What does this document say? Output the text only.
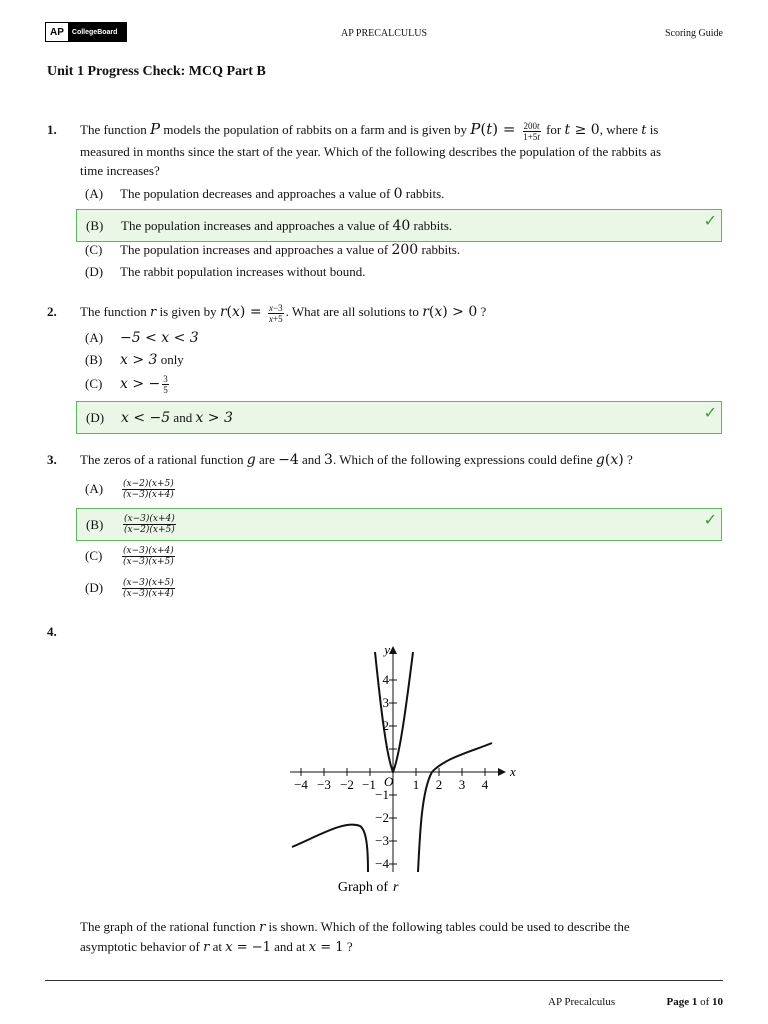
AP	CollegeBoard	AP PRECALCULUS	Scoring Guide
Unit 1 Progress Check: MCQ Part B
1. The function P models the population of rabbits on a farm and is given by $P(t) = \frac{200t}{1+5t}$ for t ≥ 0, where t is
measured in months since the start of the year. Which of the following describes the population of the rabbits as
time increases?
(A)	The population decreases and approaches a value of
0
rabbits.
(B)	The population increases and approaches a value of
40
rabbits.	✓
(C)	The population increases and approaches a value of
200
rabbits.
(D)	The rabbit population increases without bound.
2. The function r is given by $r(x) = \frac{x-3}{x+5}$ . What are all solutions to r(x) > 0 ?
(A)	−5 < x < 3
(B)	x > 3
only
(C)	x > − $\frac{3}{5}$
(D)	x < −5
and
x > 3	✓
3. The zeros of a rational function g are −4 and 3. Which of the following expressions could define g(x) ?
(A)	$\frac{(x-2)(x+5)}{(x-3)(x+4)}$
(B)	$\frac{(x-3)(x+4)}{(x-2)(x+5)}$	✓
(C)	$\frac{(x-3)(x+4)}{(x-3)(x+5)}$
(D)	$\frac{(x-3)(x+5)}{(x-3)(x+4)}$
4.
x
y
O
−4 −3 −2 −1	1 2 3 4
4
3
2
−1
−2
−3
−4
Graph of r
The graph of the rational function r is shown. Which of the following tables could be used to describe the
asymptotic behavior of r at x = −1 and at x = 1 ?
AP Precalculus	Page 1 of 10
